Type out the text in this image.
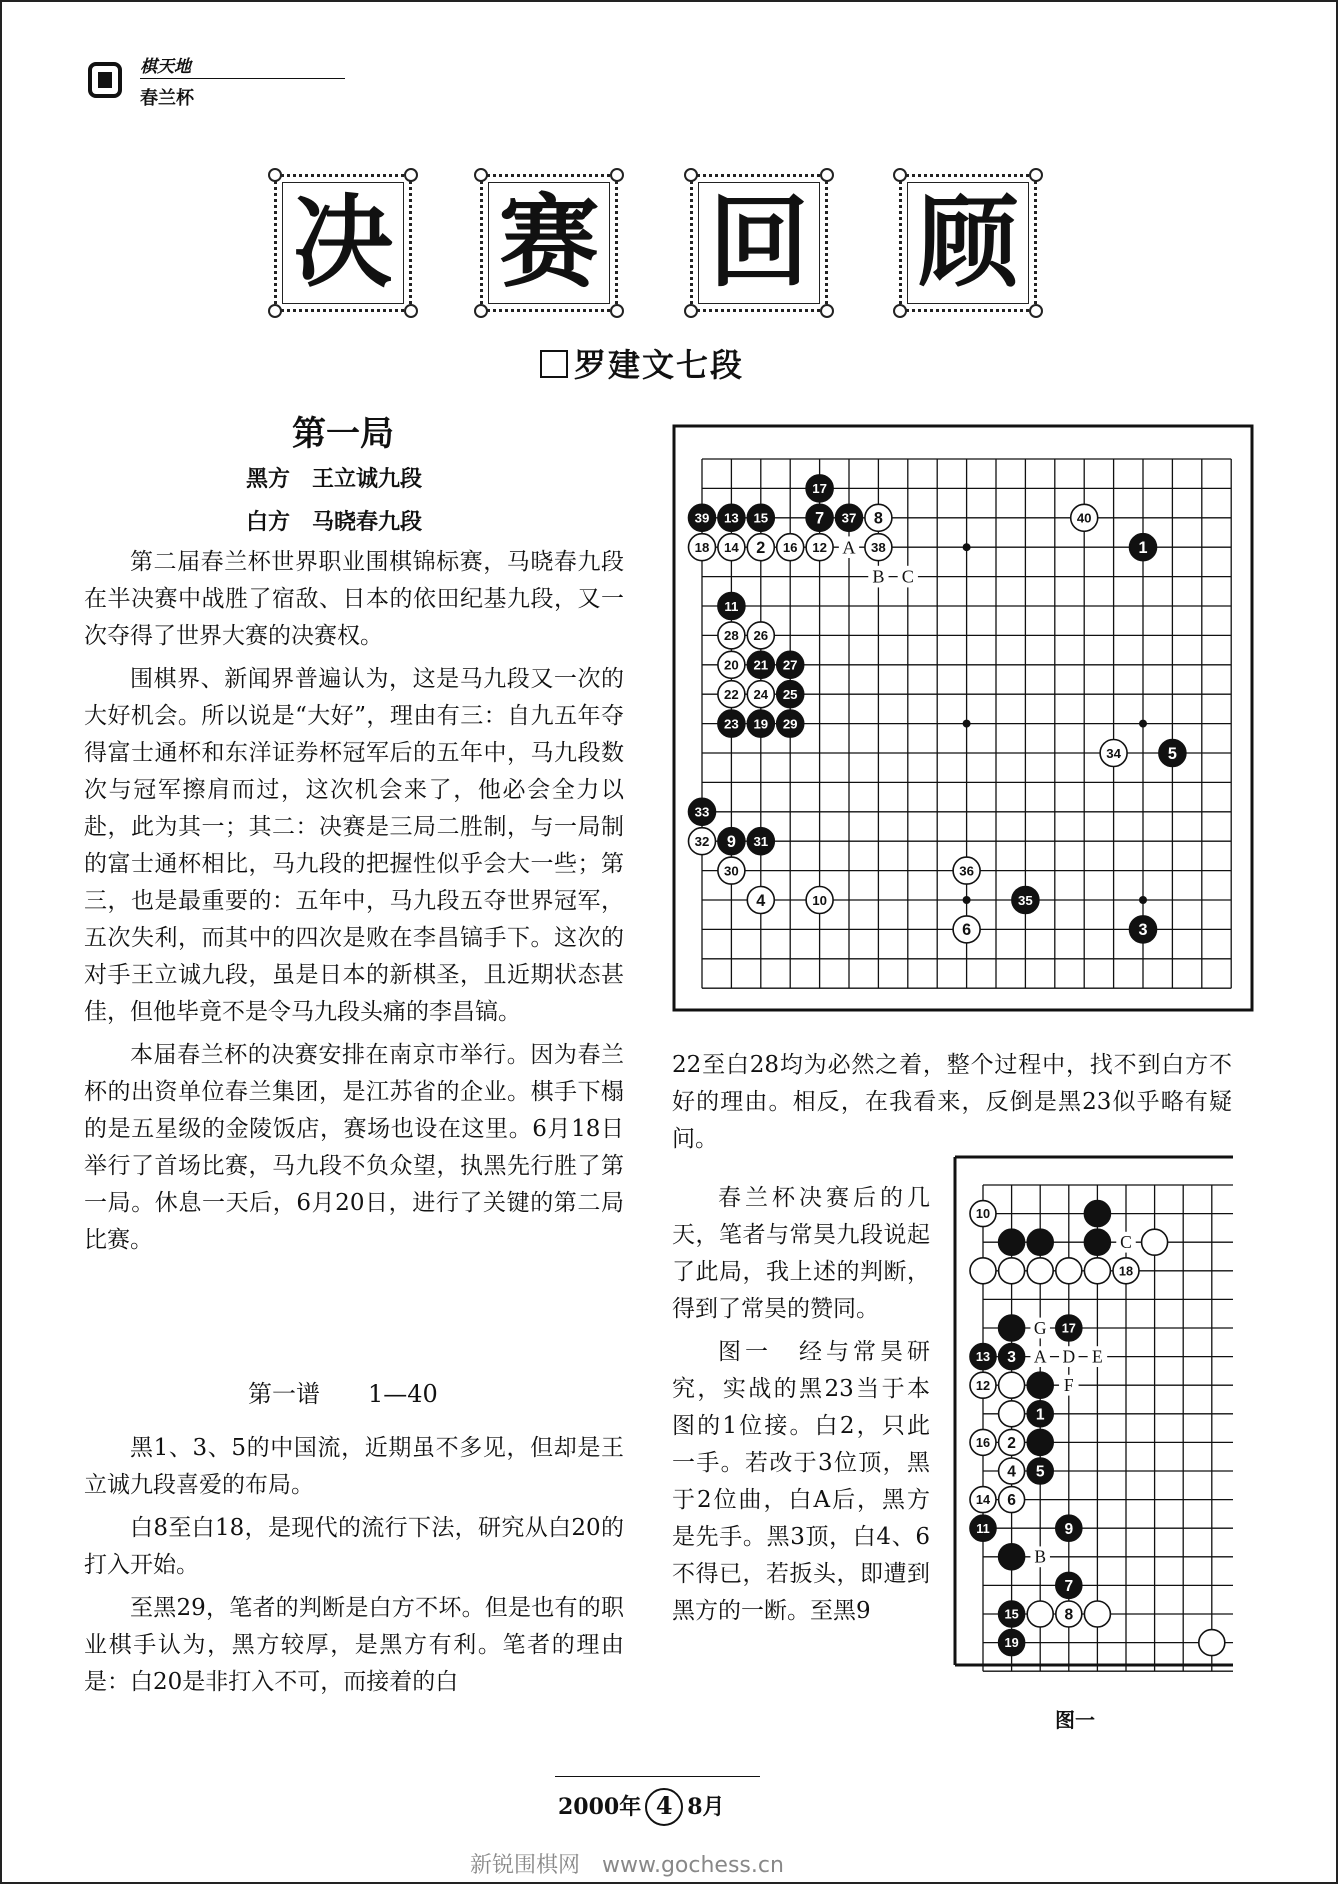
棋天地
春兰杯
决 赛 回 顾
罗建文七段
第一局
黑方　王立诚九段
白方　马晓春九段

第二届春兰杯世界职业围棋锦标赛，马晓春九段在半决赛中战胜了宿敌、日本的依田纪基九段，又一次夺得了世界大赛的决赛权。

围棋界、新闻界普遍认为，这是马九段又一次的大好机会。所以说是“大好”，理由有三：自九五年夺得富士通杯和东洋证券杯冠军后的五年中，马九段数次与冠军擦肩而过，这次机会来了，他必会全力以赴，此为其一；其二：决赛是三局二胜制，与一局制的富士通杯相比，马九段的把握性似乎会大一些；第三，也是最重要的：五年中，马九段五夺世界冠军，五次失利，而其中的四次是败在李昌镐手下。这次的对手王立诚九段，虽是日本的新棋圣，且近期状态甚佳，但他毕竟不是令马九段头痛的李昌镐。

本届春兰杯的决赛安排在南京市举行。因为春兰杯的出资单位春兰集团，是江苏省的企业。棋手下榻的是五星级的金陵饭店，赛场也设在这里。6月18日举行了首场比赛，马九段不负众望，执黑先行胜了第一局。休息一天后，6月20日，进行了关键的第二局比赛。

第一谱 1—40

黑1、3、5的中国流，近期虽不多见，但却是王立诚九段喜爱的布局。

白8至白18，是现代的流行下法，研究从白20的打入开始。

至黑29，笔者的判断是白方不坏。但是也有的职业棋手认为，黑方较厚，是黑方有利。笔者的理由是：白20是非打入不可，而接着的白

22至白28均为必然之着，整个过程中，找不到白方不好的理由。相反，在我看来，反倒是黑23似乎略有疑问。

春兰杯决赛后的几天，笔者与常昊九段说起了此局，我上述的判断，得到了常昊的赞同。

图一　经与常昊研究，实战的黑23当于本图的1位接。白2，只此一手。若改于3位顶，黑于2位曲，白A后，黑方是先手。黑3顶，白4、6不得已，若扳头，即遭到黑方的一断。至黑9

17
39 13 15	7 37 8	40
18 14 2 16 12	38	1
11
28 26
20 21 27
22 24 25
23 19 29
34	5
33
32 9 31
30	36
4	10	35
6	3
A
B C
10
18
17
13 3
12
1
16 2
4 5
14 6
11	9
7
15	8
19
C
G
A D E
F
B
图一
2000年 4 8月
新锐围棋网　www.gochess.cn
